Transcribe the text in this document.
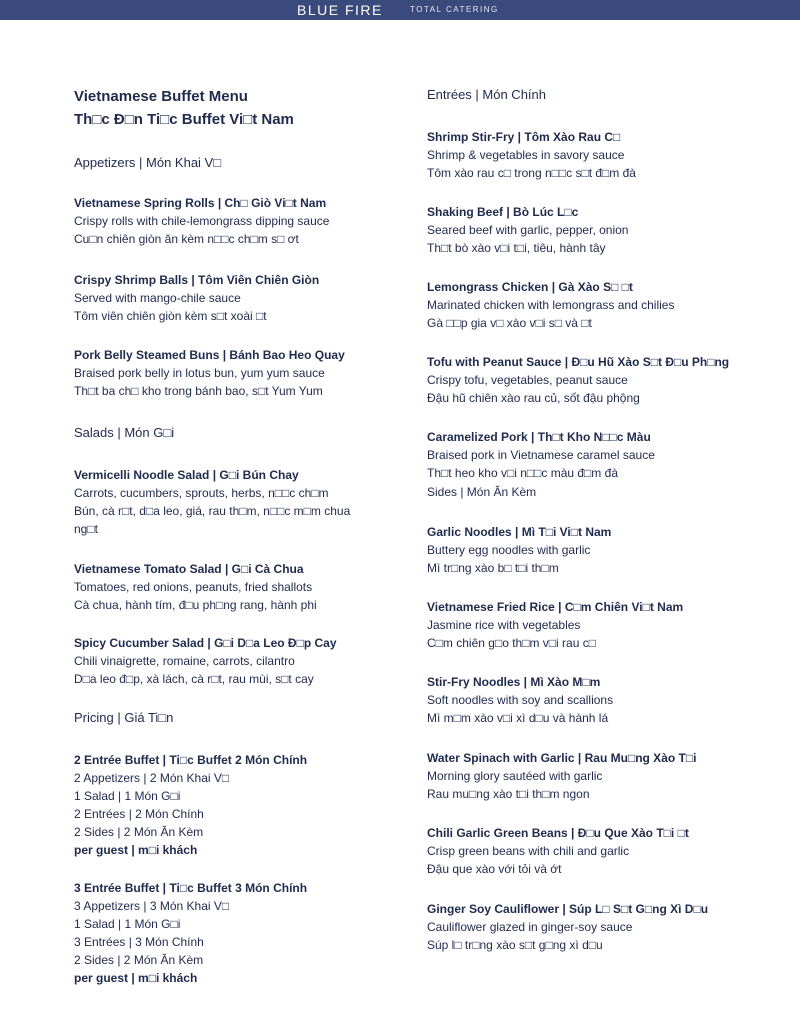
BLUE FIRE	TOTAL CATERING

Vietnamese Buffet Menu

Th□c Đ□n Ti□c Buffet Vi□t Nam

Appetizers | Món Khai V□

Vietnamese Spring Rolls | Ch□ Giò Vi□t Nam

Crispy rolls with chile-lemongrass dipping sauce

Cu□n chiên giòn ăn kèm n□□c ch□m s□ ơt

Crispy Shrimp Balls | Tôm Viên Chiên Giòn

Served with mango-chile sauce

Tôm viên chiên giòn kèm s□t xoài □t

Pork Belly Steamed Buns | Bánh Bao Heo Quay

Braised pork belly in lotus bun, yum yum sauce

Th□t ba ch□ kho trong bánh bao, s□t Yum Yum

Salads | Món G□i

Vermicelli Noodle Salad | G□i Bún Chay

Carrots, cucumbers, sprouts, herbs, n□□c ch□m

Bún, cà r□t, d□a leo, giá, rau th□m, n□□c m□m chua ng□t

Vietnamese Tomato Salad | G□i Cà Chua

Tomatoes, red onions, peanuts, fried shallots

Cà chua, hành tím, đ□u ph□ng rang, hành phi

Spicy Cucumber Salad | G□i D□a Leo Đ□p Cay

Chili vinaigrette, romaine, carrots, cilantro

D□a leo đ□p, xà lách, cà r□t, rau mùi, s□t cay

Pricing | Giá Ti□n

2 Entrée Buffet | Ti□c Buffet 2 Món Chính

2 Appetizers | 2 Món Khai V□

1 Salad | 1 Món G□i

2 Entrées | 2 Món Chính

2 Sides | 2 Món Ăn Kèm

per guest | m□i khách

3 Entrée Buffet | Ti□c Buffet 3 Món Chính

3 Appetizers | 3 Món Khai V□

1 Salad | 1 Món G□i

3 Entrées | 3 Món Chính

2 Sides | 2 Món Ăn Kèm

per guest | m□i khách

Entrées | Món Chính

Shrimp Stir-Fry | Tôm Xào Rau C□

Shrimp & vegetables in savory sauce

Tôm xào rau c□ trong n□□c s□t đ□m đà

Shaking Beef | Bò Lúc L□c

Seared beef with garlic, pepper, onion

Th□t bò xào v□i t□i, tiêu, hành tây

Lemongrass Chicken | Gà Xào S□ □t

Marinated chicken with lemongrass and chilies

Gà □□p gia v□ xào v□i s□ và □t

Tofu with Peanut Sauce | Đ□u Hũ Xào S□t Đ□u Ph□ng

Crispy tofu, vegetables, peanut sauce

Đậu hũ chiên xào rau củ, sốt đậu phộng

Caramelized Pork | Th□t Kho N□□c Màu

Braised pork in Vietnamese caramel sauce

Th□t heo kho v□i n□□c màu đ□m đà

Sides | Món Ăn Kèm

Garlic Noodles | Mì T□i Vi□t Nam

Buttery egg noodles with garlic

Mì tr□ng xào b□ t□i th□m

Vietnamese Fried Rice | C□m Chiên Vi□t Nam

Jasmine rice with vegetables

C□m chiên g□o th□m v□i rau c□

Stir-Fry Noodles | Mì Xào M□m

Soft noodles with soy and scallions

Mì m□m xào v□i xì d□u và hành lá

Water Spinach with Garlic | Rau Mu□ng Xào T□i

Morning glory sautéed with garlic

Rau mu□ng xào t□i th□m ngon

Chili Garlic Green Beans | Đ□u Que Xào T□i □t

Crisp green beans with chili and garlic

Đậu que xào với tỏi và ớt

Ginger Soy Cauliflower | Súp L□ S□t G□ng Xì D□u

Cauliflower glazed in ginger-soy sauce

Súp l□ tr□ng xào s□t g□ng xì d□u
